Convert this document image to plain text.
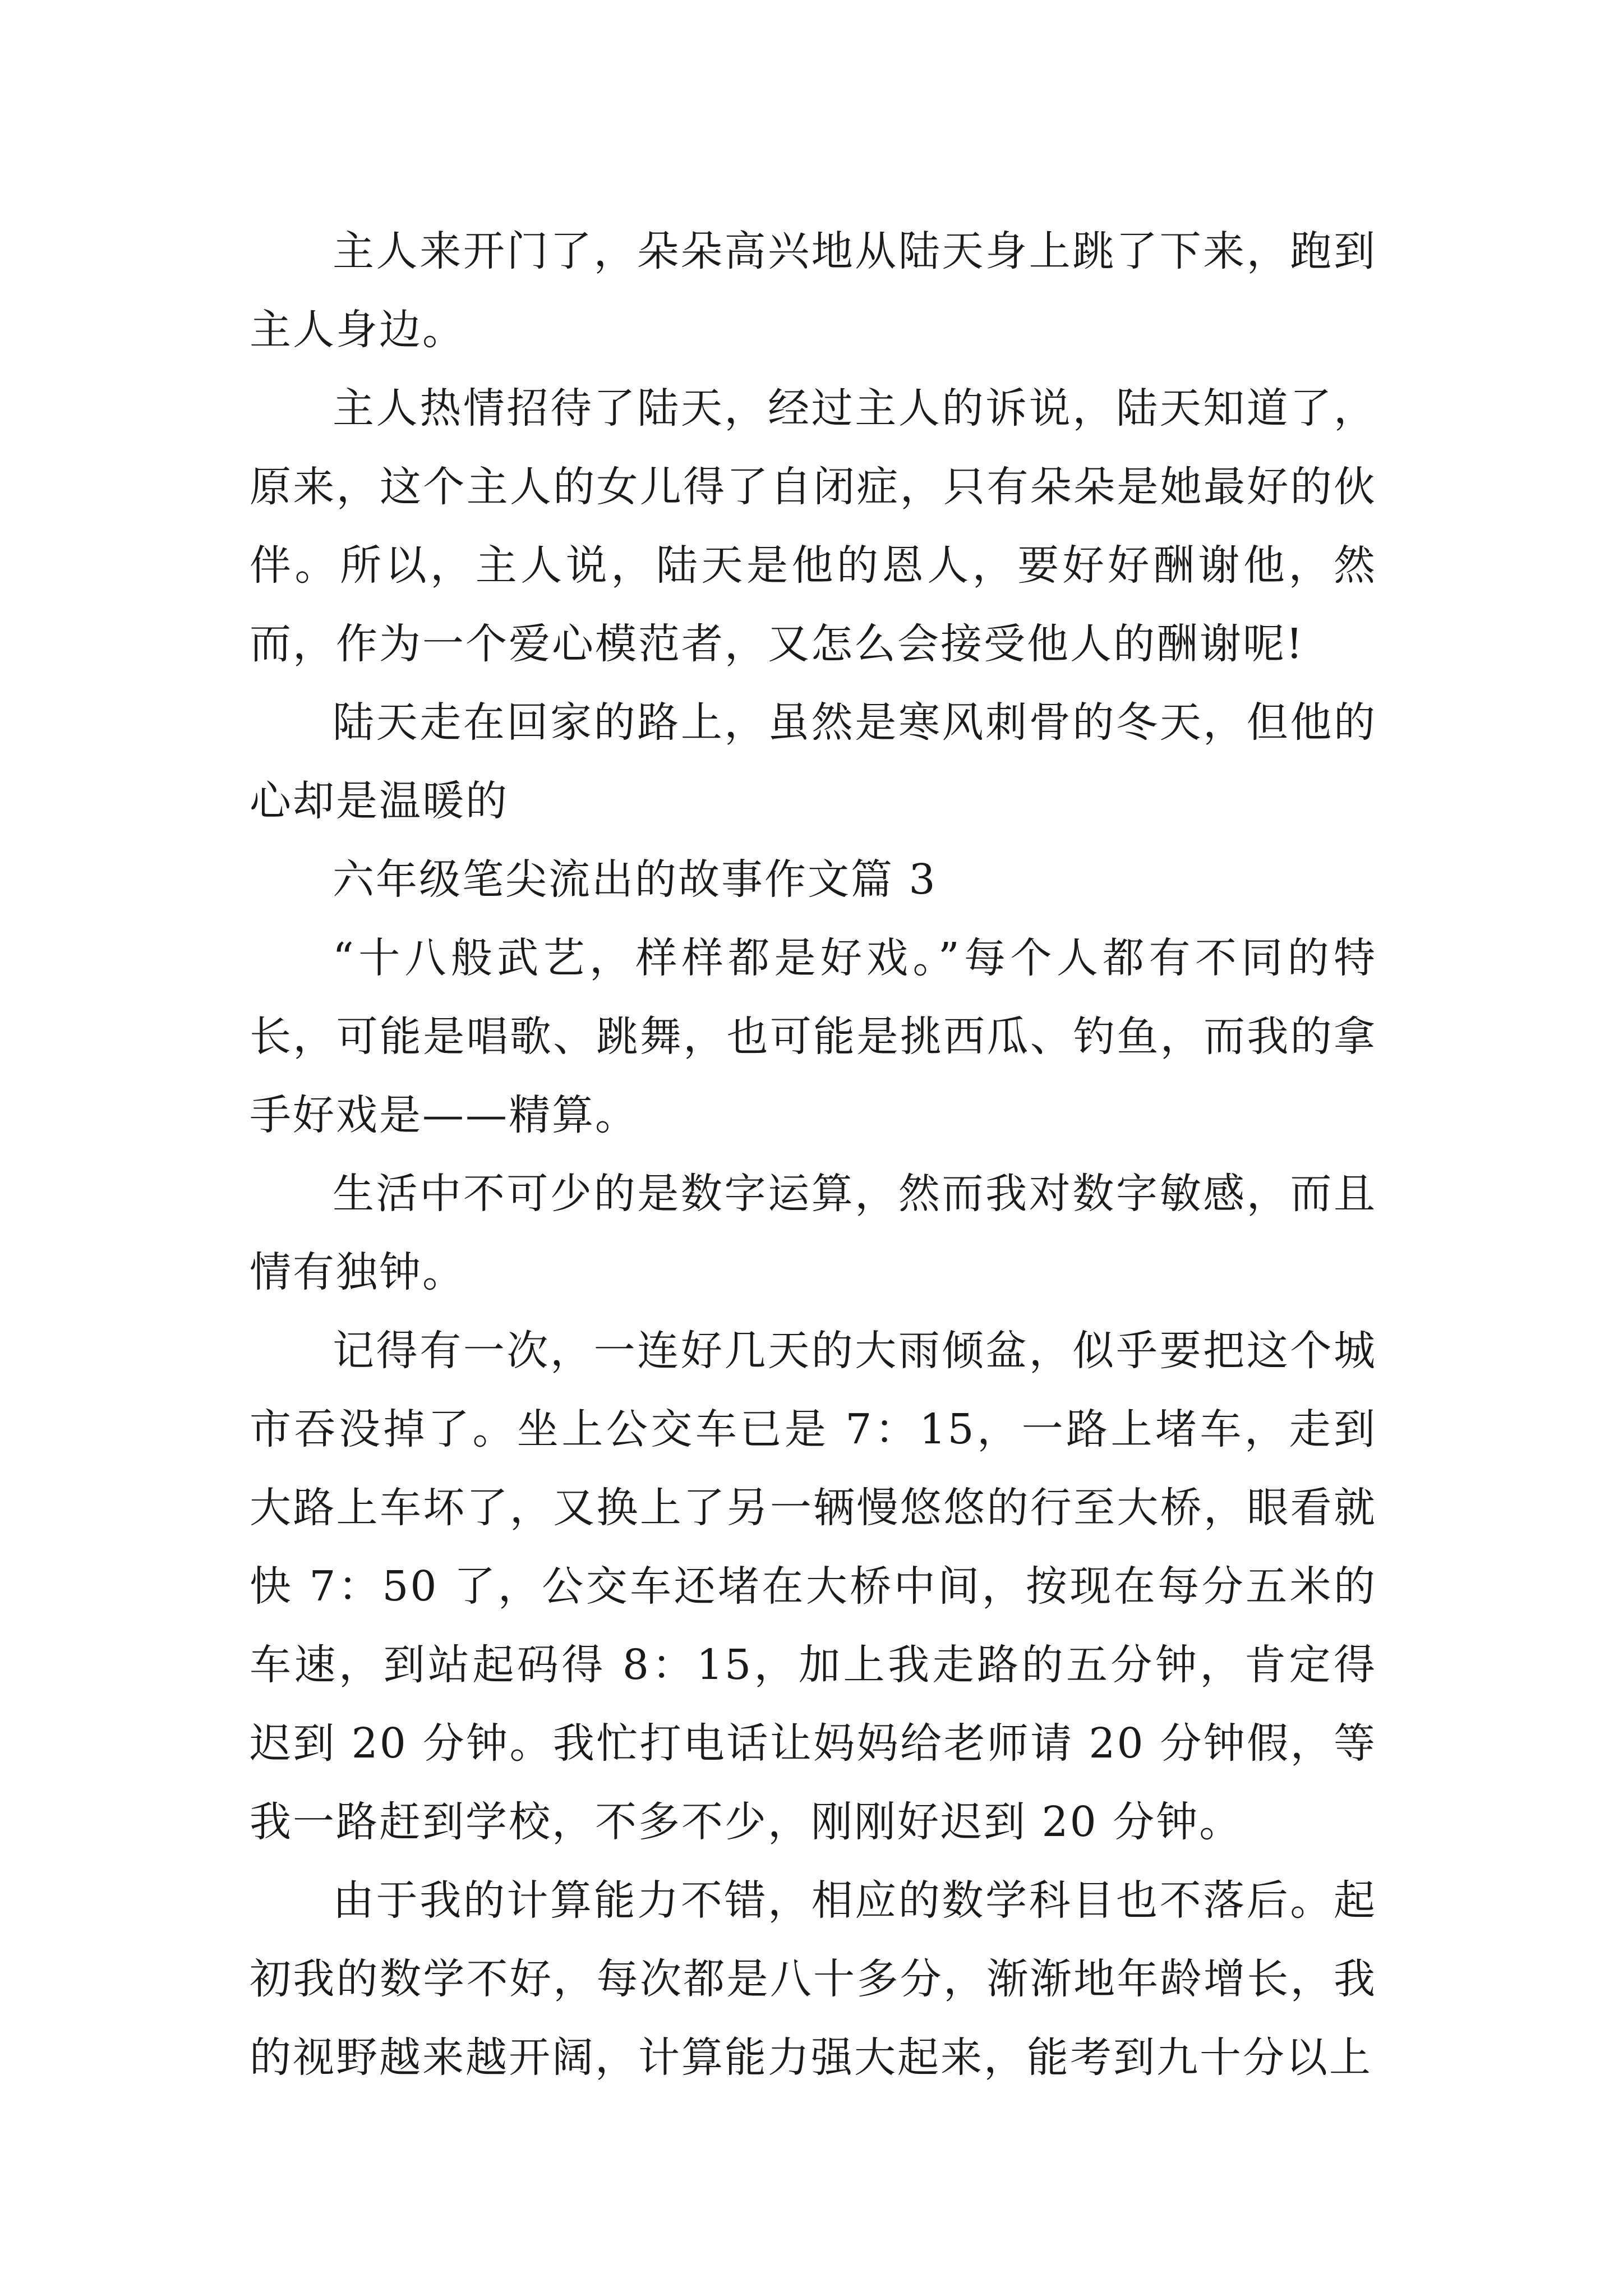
主人来开门了，朵朵高兴地从陆天身上跳了下来，跑到主人身边。

主人热情招待了陆天，经过主人的诉说，陆天知道了，原来，这个主人的女儿得了自闭症，只有朵朵是她最好的伙伴。所以，主人说，陆天是他的恩人，要好好酬谢他，然而，作为一个爱心模范者，又怎么会接受他人的酬谢呢!

陆天走在回家的路上，虽然是寒风刺骨的冬天，但他的心却是温暖的

六年级笔尖流出的故事作文篇 3

“十八般武艺，样样都是好戏。”每个人都有不同的特长，可能是唱歌、跳舞，也可能是挑西瓜、钓鱼，而我的拿手好戏是——精算。

生活中不可少的是数字运算，然而我对数字敏感，而且情有独钟。

记得有一次，一连好几天的大雨倾盆，似乎要把这个城市吞没掉了。坐上公交车已是 7：15，一路上堵车，走到大路上车坏了，又换上了另一辆慢悠悠的行至大桥，眼看就快 7：50 了，公交车还堵在大桥中间，按现在每分五米的车速，到站起码得 8：15，加上我走路的五分钟，肯定得迟到 20 分钟。我忙打电话让妈妈给老师请 20 分钟假，等我一路赶到学校，不多不少，刚刚好迟到 20 分钟。

由于我的计算能力不错，相应的数学科目也不落后。起初我的数学不好，每次都是八十多分，渐渐地年龄增长，我的视野越来越开阔，计算能力强大起来，能考到九十分以上
